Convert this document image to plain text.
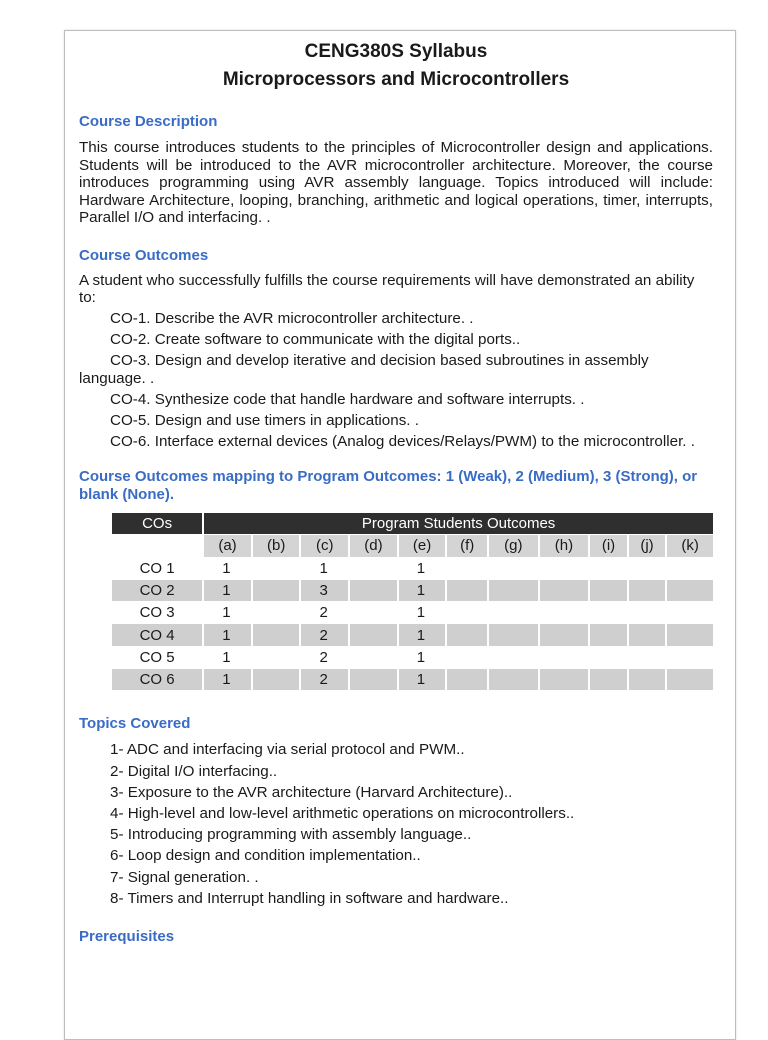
CENG380S Syllabus
Microprocessors and Microcontrollers
Course Description

This course introduces students to the principles of Microcontroller design and applications. Students will be introduced to the AVR microcontroller architecture. Moreover, the course introduces programming using AVR assembly language. Topics introduced will include: Hardware Architecture, looping, branching, arithmetic and logical operations, timer, interrupts, Parallel I/O and interfacing. .

Course Outcomes

A student who successfully fulfills the course requirements will have demonstrated an ability to:

CO-1. Describe the AVR microcontroller architecture. .

CO-2. Create software to communicate with the digital ports..

CO-3. Design and develop iterative and decision based subroutines in assembly language. .

CO-4. Synthesize code that handle hardware and software interrupts. .

CO-5. Design and use timers in applications. .

CO-6. Interface external devices (Analog devices/Relays/PWM) to the microcontroller. .

Course Outcomes mapping to Program Outcomes: 1 (Weak), 2 (Medium), 3 (Strong), or blank (None).
COs	Program Students Outcomes										
	(a)	(b)	(c)	(d)	(e)	(f)	(g)	(h)	(i)	(j)	(k)
CO 1	1		1		1						
CO 2	1		3		1						
CO 3	1		2		1						
CO 4	1		2		1						
CO 5	1		2		1						
CO 6	1		2		1						
Topics Covered

1- ADC and interfacing via serial protocol and PWM..

2- Digital I/O interfacing..

3- Exposure to the AVR architecture (Harvard Architecture)..

4- High-level and low-level arithmetic operations on microcontrollers..

5- Introducing programming with assembly language..

6- Loop design and condition implementation..

7- Signal generation. .

8- Timers and Interrupt handling in software and hardware..

Prerequisites
